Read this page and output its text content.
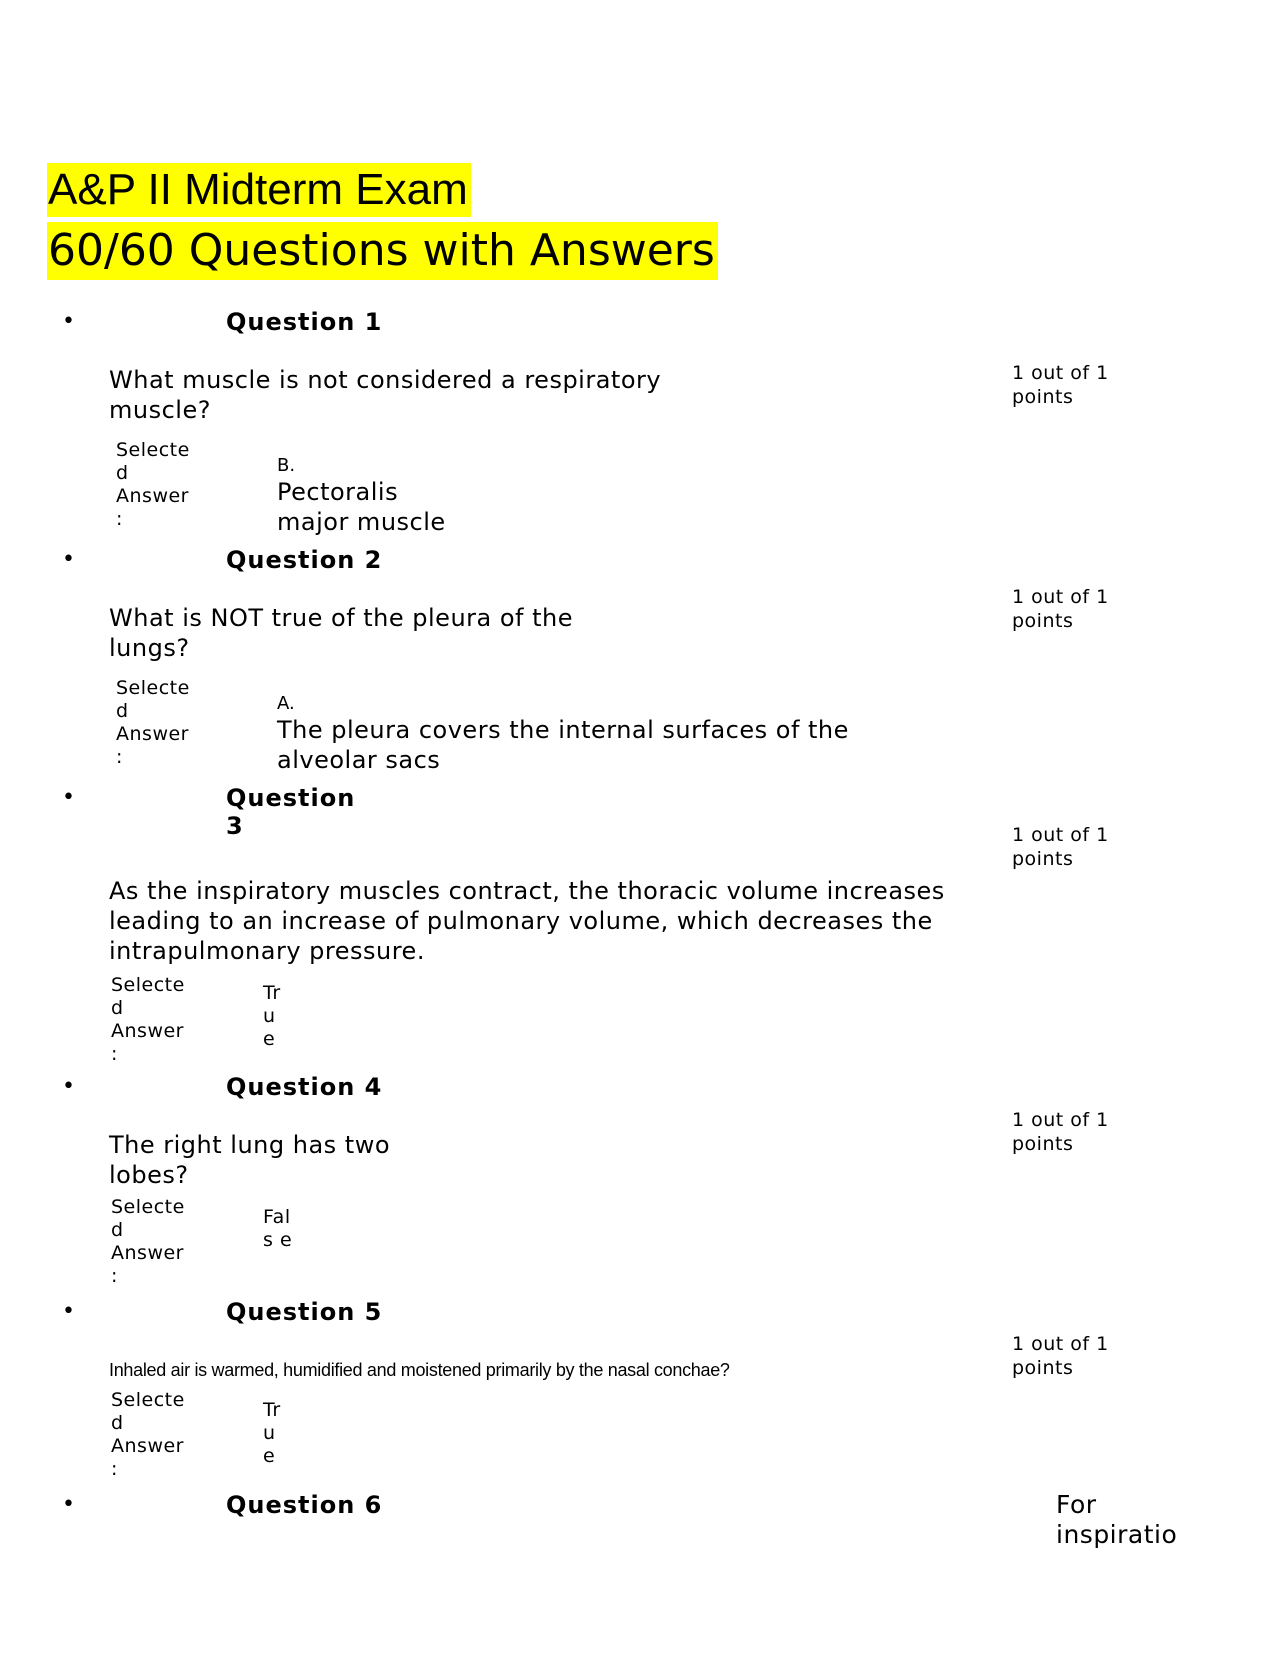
A&P II Midterm Exam
60/60 Questions with Answers
•	Question 1
What muscle is not considered a respiratory
muscle?
1 out of 1
points
Selecte
d
Answer
:
B.
Pectoralis
major muscle
•	Question 2
What is NOT true of the pleura of the
lungs?
1 out of 1
points
Selecte
d
Answer
:
A.
The pleura covers the internal surfaces of the
alveolar sacs
•	Question
3	1 out of 1
points
As the inspiratory muscles contract, the thoracic volume increases
leading to an increase of pulmonary volume, which decreases the
intrapulmonary pressure.
Selecte
d
Answer
:
Tr
u
e
•	Question 4
1 out of 1
points
The right lung has two
lobes?
Selecte
d
Answer
:
Fal
s e
•	Question 5
1 out of 1
points
Inhaled air is warmed, humidified and moistened primarily by the nasal conchae?
Selecte
d
Answer
:
Tr
u
e
•	Question 6	For
inspiratio
